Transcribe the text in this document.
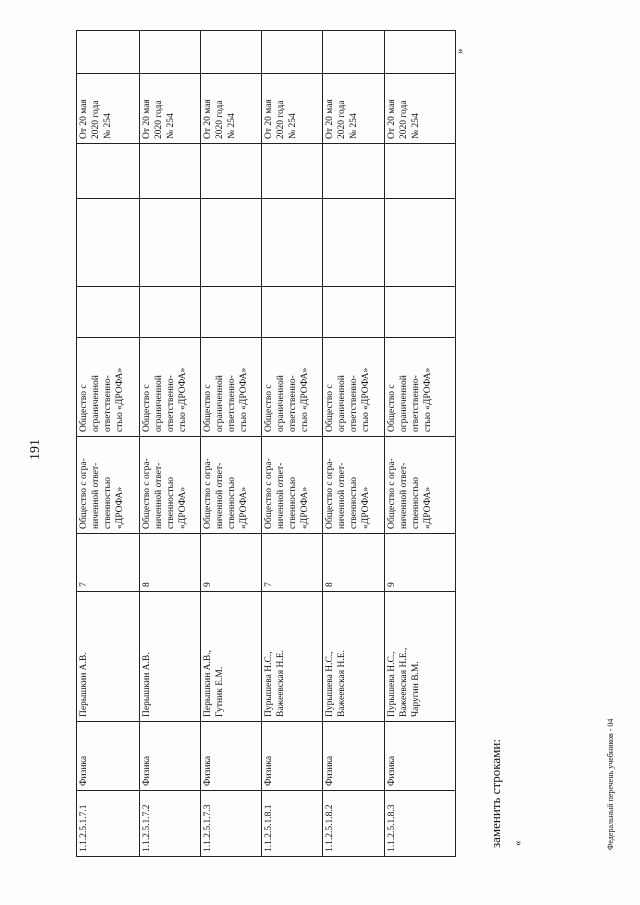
191
1.1.2.5.1.7.1
Физика
Перышкин А.В.
7
Общество с огра- ниченной ответ- ственностью «ДРОФА»
Общество с ограниченной ответственно- стью «ДРОФА»
От 20 мая 2020 года № 254
1.1.2.5.1.7.2
Физика
Перышкин А.В.
8
Общество с огра- ниченной ответ- ственностью «ДРОФА»
Общество с ограниченной ответственно- стью «ДРОФА»
От 20 мая 2020 года № 254
1.1.2.5.1.7.3
Физика
Перышкин А.В., Гутник Е.М.
9
Общество с огра- ниченной ответ- ственностью «ДРОФА»
Общество с ограниченной ответственно- стью «ДРОФА»
От 20 мая 2020 года № 254
1.1.2.5.1.8.1
Физика
Пурышева Н.С., Важеевская Н.Е.
7
Общество с огра- ниченной ответ- ственностью «ДРОФА»
Общество с ограниченной ответственно- стью «ДРОФА»
От 20 мая 2020 года № 254
1.1.2.5.1.8.2
Физика
Пурышева Н.С., Важеевская Н.Е.
8
Общество с огра- ниченной ответ- ственностью «ДРОФА»
Общество с ограниченной ответственно- стью «ДРОФА»
От 20 мая 2020 года № 254
1.1.2.5.1.8.3
Физика
Пурышева Н.С., Важеевская Н.Е., Чаругин В.М.
9
Общество с огра- ниченной ответ- ственностью «ДРОФА»
Общество с ограниченной ответственно- стью «ДРОФА»
От 20 мая 2020 года № 254
»
заменить строками: «	Федеральный перечень учебников - 04
